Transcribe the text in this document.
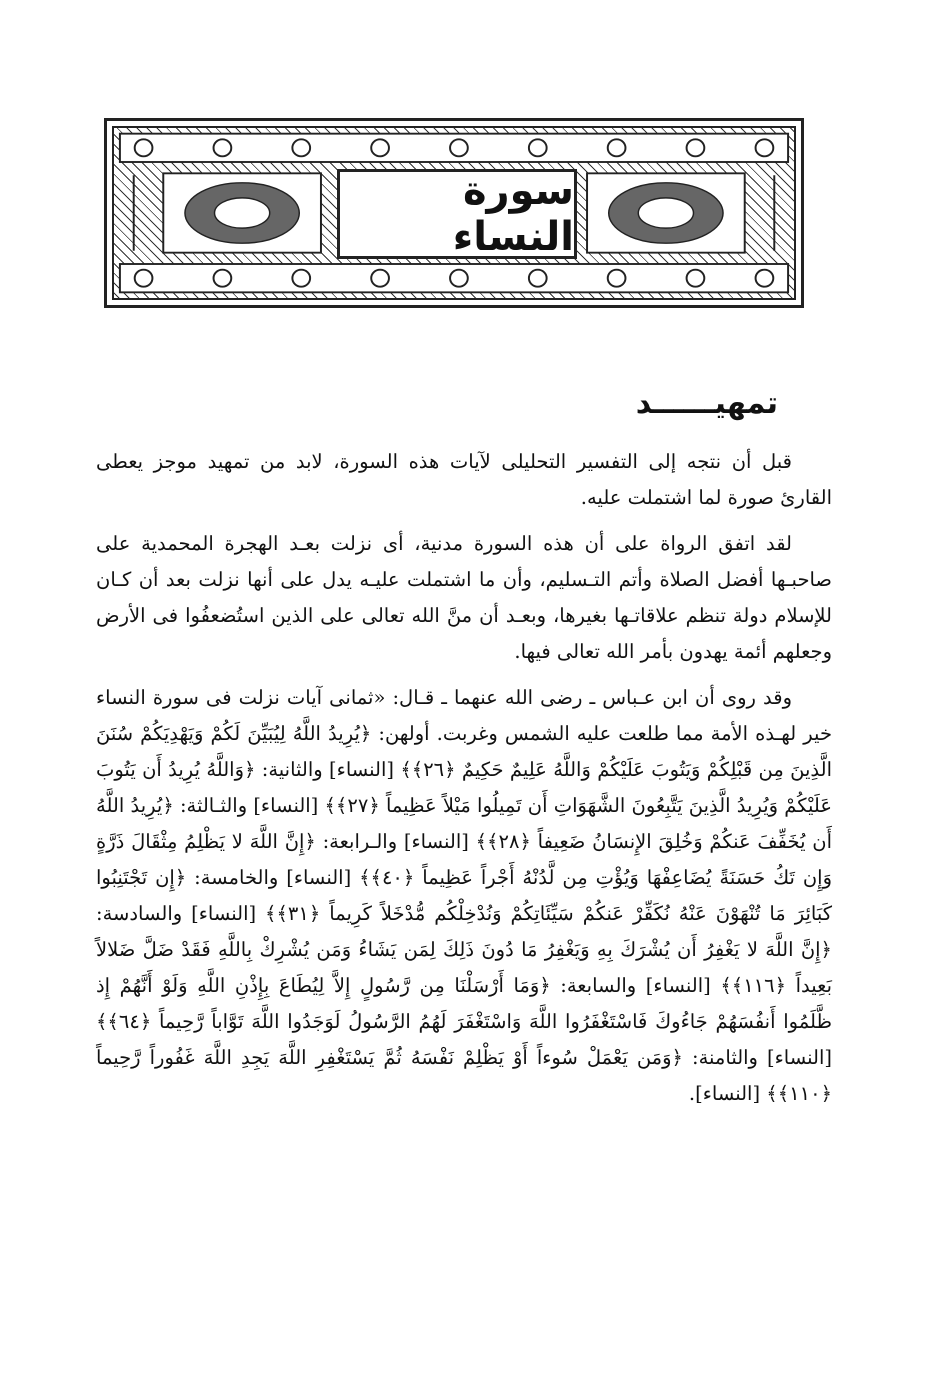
سورة النساء
تمهيــــــد

قبل أن نتجه إلى التفسير التحليلى لآيات هذه السورة، لابد من تمهيد موجز يعطى القارئ صورة لما اشتملت عليه.

لقد اتفق الرواة على أن هذه السورة مدنية، أى نزلت بعـد الهجرة المحمدية على صاحبـها أفضل الصلاة وأتم التـسليم، وأن ما اشتملت عليـه يدل على أنها نزلت بعد أن كـان للإسلام دولة تنظم علاقاتـها بغيرها، وبعـد أن منَّ الله تعالى على الذين استُضعفُوا فى الأرض وجعلهم أئمة يهدون بأمر الله تعالى فيها.

وقد روى أن ابن عـباس ـ رضى الله عنهما ـ قـال: «ثمانى آيات نزلت فى سورة النساء خير لهـذه الأمة مما طلعت عليه الشمس وغربت. أولهن: ﴿يُرِيدُ اللَّهُ لِيُبَيِّنَ لَكُمْ وَيَهْدِيَكُمْ سُنَنَ الَّذِينَ مِن قَبْلِكُمْ وَيَتُوبَ عَلَيْكُمْ وَاللَّهُ عَلِيمٌ حَكِيمٌ ﴿٢٦﴾﴾ [النساء] والثانية: ﴿وَاللَّهُ يُرِيدُ أَن يَتُوبَ عَلَيْكُمْ وَيُرِيدُ الَّذِينَ يَتَّبِعُونَ الشَّهَوَاتِ أَن تَمِيلُوا مَيْلاً عَظِيماً ﴿٢٧﴾﴾ [النساء] والثـالثة: ﴿يُرِيدُ اللَّهُ أَن يُخَفِّفَ عَنكُمْ وَخُلِقَ الإِنسَانُ ضَعِيفاً ﴿٢٨﴾﴾ [النساء] والـرابعة: ﴿إِنَّ اللَّهَ لا يَظْلِمُ مِثْقَالَ ذَرَّةٍ وَإِن تَكُ حَسَنَةً يُضَاعِفْهَا وَيُؤْتِ مِن لَّدُنْهُ أَجْراً عَظِيماً ﴿٤٠﴾﴾ [النساء] والخامسة: ﴿إِن تَجْتَنِبُوا كَبَائِرَ مَا تُنْهَوْنَ عَنْهُ نُكَفِّرْ عَنكُمْ سَيِّئَاتِكُمْ وَنُدْخِلْكُم مُّدْخَلاً كَرِيماً ﴿٣١﴾﴾ [النساء] والسادسة: ﴿إِنَّ اللَّهَ لا يَغْفِرُ أَن يُشْرَكَ بِهِ وَيَغْفِرُ مَا دُونَ ذَلِكَ لِمَن يَشَاءُ وَمَن يُشْرِكْ بِاللَّهِ فَقَدْ ضَلَّ ضَلالاً بَعِيداً ﴿١١٦﴾﴾ [النساء] والسابعة: ﴿وَمَا أَرْسَلْنَا مِن رَّسُولٍ إِلاَّ لِيُطَاعَ بِإِذْنِ اللَّهِ وَلَوْ أَنَّهُمْ إِذ ظَّلَمُوا أَنفُسَهُمْ جَاءُوكَ فَاسْتَغْفَرُوا اللَّهَ وَاسْتَغْفَرَ لَهُمُ الرَّسُولُ لَوَجَدُوا اللَّهَ تَوَّاباً رَّحِيماً ﴿٦٤﴾﴾ [النساء] والثامنة: ﴿وَمَن يَعْمَلْ سُوءاً أَوْ يَظْلِمْ نَفْسَهُ ثُمَّ يَسْتَغْفِرِ اللَّهَ يَجِدِ اللَّهَ غَفُوراً رَّحِيماً ﴿١١٠﴾﴾ [النساء].
